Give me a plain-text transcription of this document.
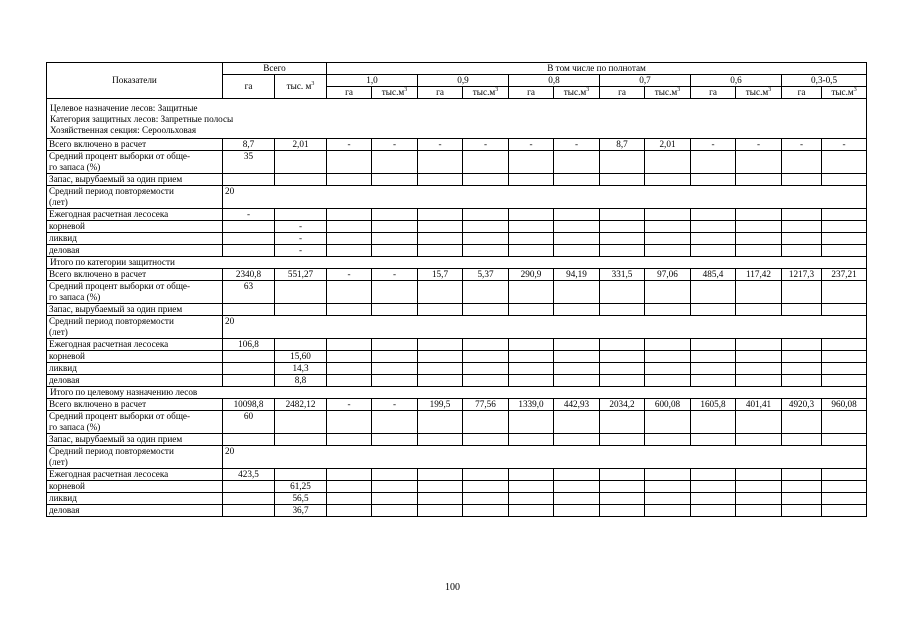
Показатели	Всего		В том числе по полнотам											
	га	тыс. $м^3$	1,0		0,9		0,8		0,7		0,6		0,3-0,5	
			га	$тыс.м^3$	га	$тыс.м^3$	га	$тыс.м^3$	га	$тыс.м^3$	га	$тыс.м^3$	га	$тыс.м^3$

Целевое назначение лесов: Защитные
Категория защитных лесов: Запретные полосы
Хозяйственная секция: Сероольховая														

Всего включено в расчет	8,7	2,01	-	-	-	-	-	-	8,7	2,01	-	-	-	-

Средний процент выборки от обще-
го запаса (%)	35													
Запас, вырубаемый за один прием														

Средний период повторяемости
(лет)	20													
Ежегодная расчетная лесосека	-													
корневой		-												
ликвид		-												
деловая		-												
Итого по категории защитности														
Всего включено в расчет	2340,8	551,27	-	-	15,7	5,37	290,9	94,19	331,5	97,06	485,4	117,42	1217,3	237,21

Средний процент выборки от обще-
го запаса (%)	63													
Запас, вырубаемый за один прием														

Средний период повторяемости
(лет)	20													
Ежегодная расчетная лесосека	106,8													
корневой		15,60												
ликвид		14,3												
деловая		8,8												
Итого по целевому назначению лесов														
Всего включено в расчет	10098,8	2482,12	-	-	199,5	77,56	1339,0	442,93	2034,2	600,08	1605,8	401,41	4920,3	960,08

Средний процент выборки от обще-
го запаса (%)	60													
Запас, вырубаемый за один прием														

Средний период повторяемости
(лет)	20													
Ежегодная расчетная лесосека	423,5													
корневой		61,25												
ликвид		56,5												
деловая		36,7												
100
